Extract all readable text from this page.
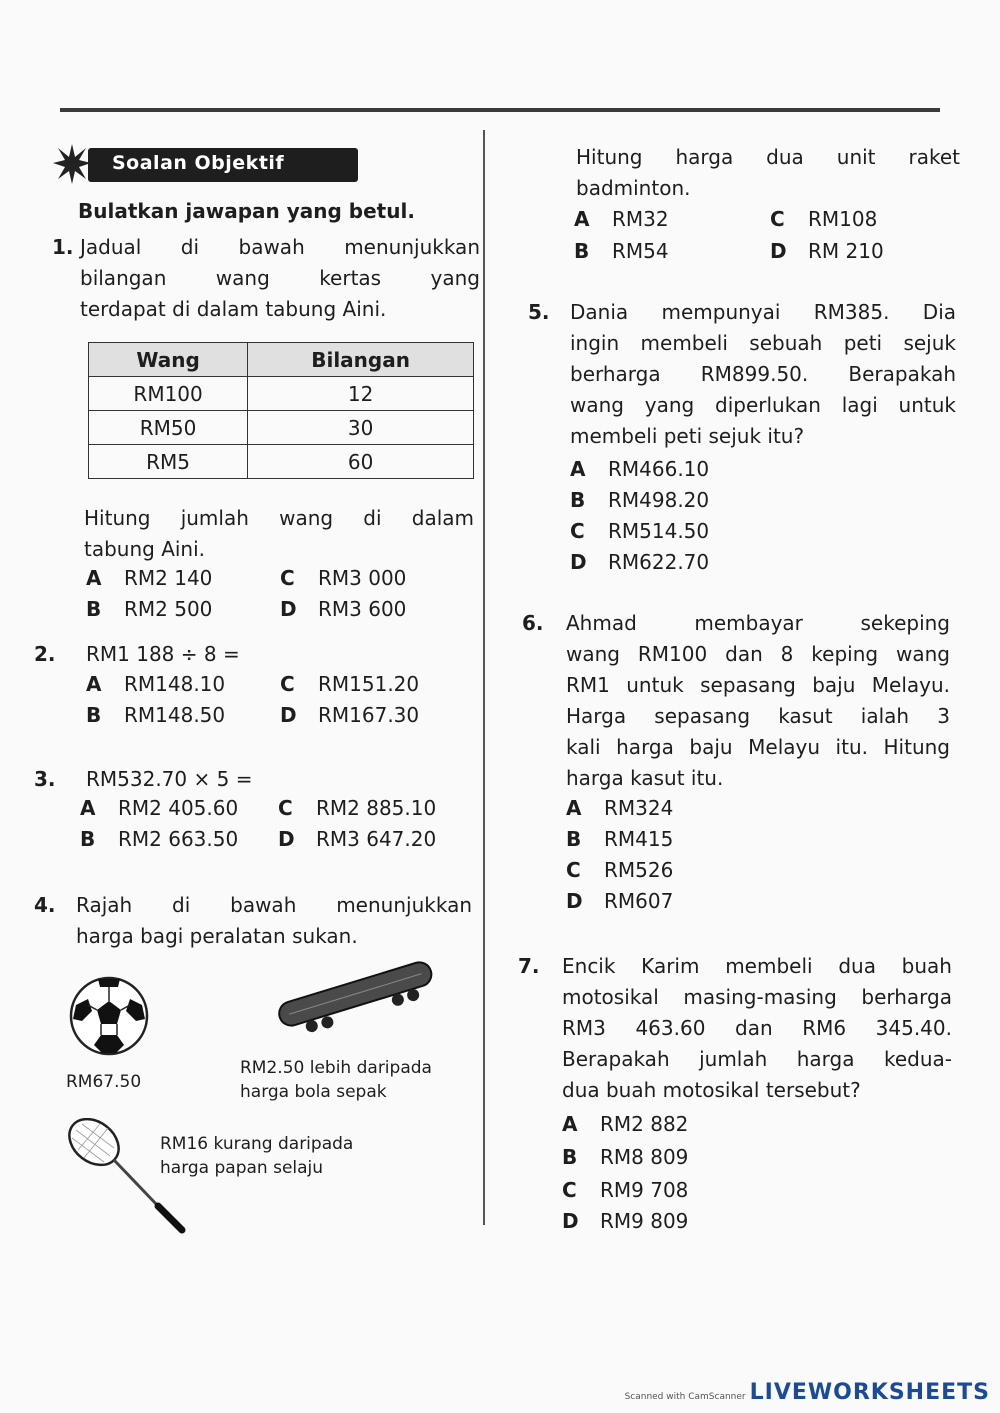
Soalan Objektif
Bulatkan jawapan yang betul.
1. Jadual di bawah menunjukkan
bilangan wang kertas yang
terdapat di dalam tabung Aini.
Wang	Bilangan
RM100	12
RM50	30
RM5	60
Hitung jumlah wang di dalam
tabung Aini.
A RM2 140	C RM3 000
B RM2 500	D RM3 600
2. RM1 188 ÷ 8 =
A RM148.10	C RM151.20
B RM148.50	D RM167.30
3. RM532.70 × 5 =
A RM2 405.60 C RM2 885.10
B RM2 663.50 D RM3 647.20
4. Rajah di bawah menunjukkan
harga bagi peralatan sukan.
RM67.50
RM2.50 lebih daripada
harga bola sepak
RM16 kurang daripada
harga papan selaju
Hitung harga dua unit raket
badminton.
A RM32	C RM108
B RM54	D RM 210
5. Dania mempunyai RM385. Dia
ingin membeli sebuah peti sejuk
berharga RM899.50. Berapakah
wang yang diperlukan lagi untuk
membeli peti sejuk itu?
A RM466.10
B RM498.20
C RM514.50
D RM622.70
6. Ahmad membayar sekeping
wang RM100 dan 8 keping wang
RM1 untuk sepasang baju Melayu.
Harga sepasang kasut ialah 3
kali harga baju Melayu itu. Hitung
harga kasut itu.
A RM324
B RM415
C RM526
D RM607
7. Encik Karim membeli dua buah
motosikal masing-masing berharga
RM3 463.60 dan RM6 345.40.
Berapakah jumlah harga kedua-
dua buah motosikal tersebut?
A RM2 882
B RM8 809
C RM9 708
D RM9 809
Scanned with CamScanner LIVEWORKSHEETS
